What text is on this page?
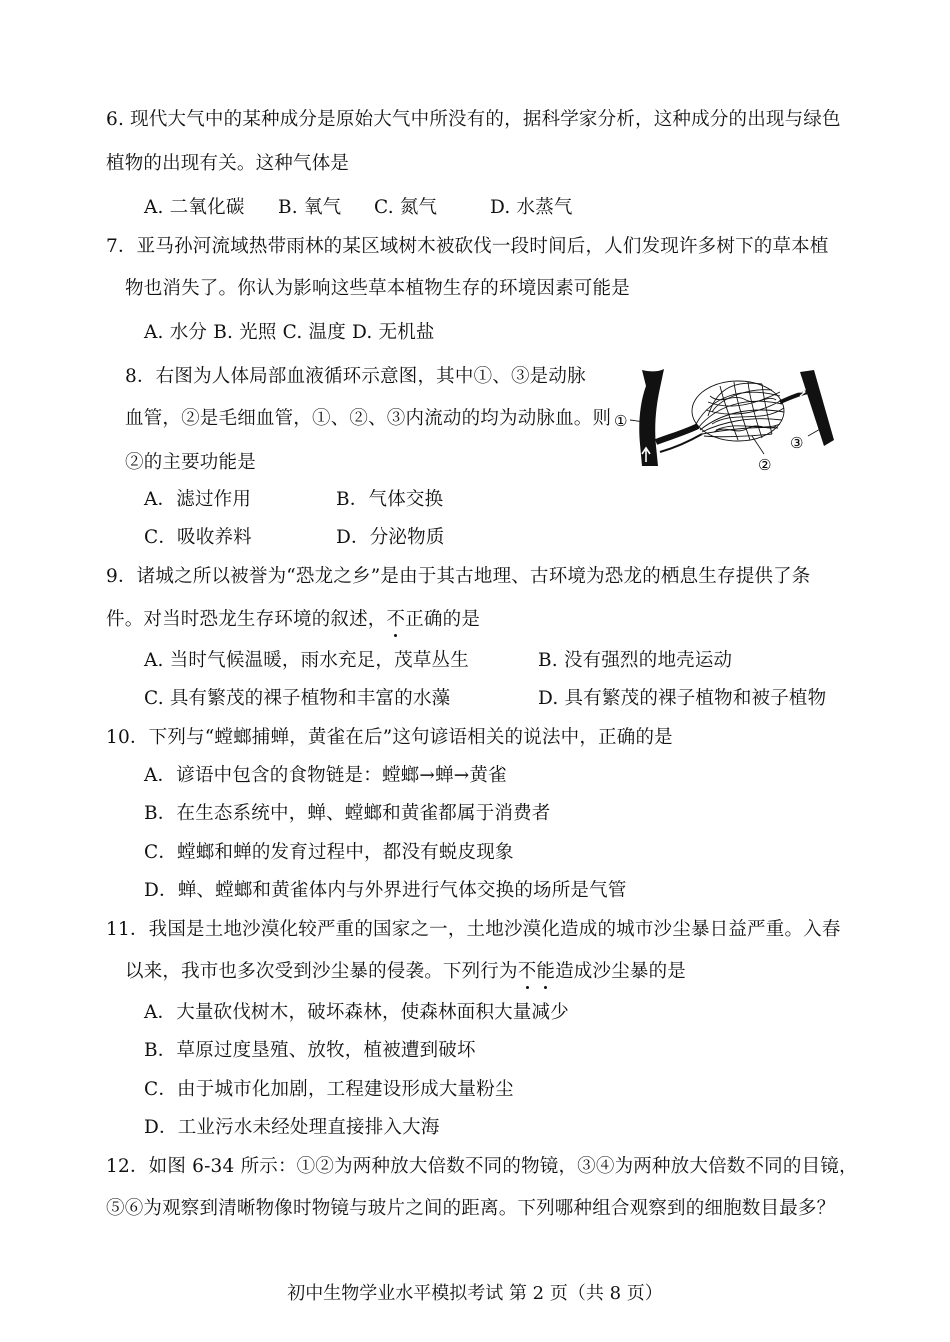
6. 现代大气中的某种成分是原始大气中所没有的，据科学家分析，这种成分的出现与绿色
植物的出现有关。这种气体是
A. 二氧化碳 B. 氧气 C. 氮气	D. 水蒸气
7．亚马孙河流域热带雨林的某区域树木被砍伐一段时间后，人们发现许多树下的草本植
物也消失了。你认为影响这些草本植物生存的环境因素可能是
A. 水分 B. 光照 C. 温度 D. 无机盐
8．右图为人体局部血液循环示意图，其中①、③是动脉
血管，②是毛细血管，①、②、③内流动的均为动脉血。则
②的主要功能是
A．滤过作用	B．气体交换
C．吸收养料	D．分泌物质
①
②
③
9．诸城之所以被誉为“恐龙之乡”是由于其古地理、古环境为恐龙的栖息生存提供了条
件。对当时恐龙生存环境的叙述，不正确的是
A. 当时气候温暖，雨水充足，茂草丛生	B. 没有强烈的地壳运动
C. 具有繁茂的裸子植物和丰富的水藻	D. 具有繁茂的裸子植物和被子植物
10．下列与“螳螂捕蝉，黄雀在后”这句谚语相关的说法中，正确的是
A．谚语中包含的食物链是：螳螂→蝉→黄雀
B．在生态系统中，蝉、螳螂和黄雀都属于消费者
C．螳螂和蝉的发育过程中，都没有蜕皮现象
D．蝉、螳螂和黄雀体内与外界进行气体交换的场所是气管
11．我国是土地沙漠化较严重的国家之一，土地沙漠化造成的城市沙尘暴日益严重。入春
以来，我市也多次受到沙尘暴的侵袭。下列行为不能造成沙尘暴的是
A．大量砍伐树木，破坏森林，使森林面积大量减少
B．草原过度垦殖、放牧，植被遭到破坏
C．由于城市化加剧，工程建设形成大量粉尘
D．工业污水未经处理直接排入大海
12．如图 6-34 所示：①②为两种放大倍数不同的物镜，③④为两种放大倍数不同的目镜，
⑤⑥为观察到清晰物像时物镜与玻片之间的距离。下列哪种组合观察到的细胞数目最多？
初中生物学业水平模拟考试 第 2 页（共 8 页）
